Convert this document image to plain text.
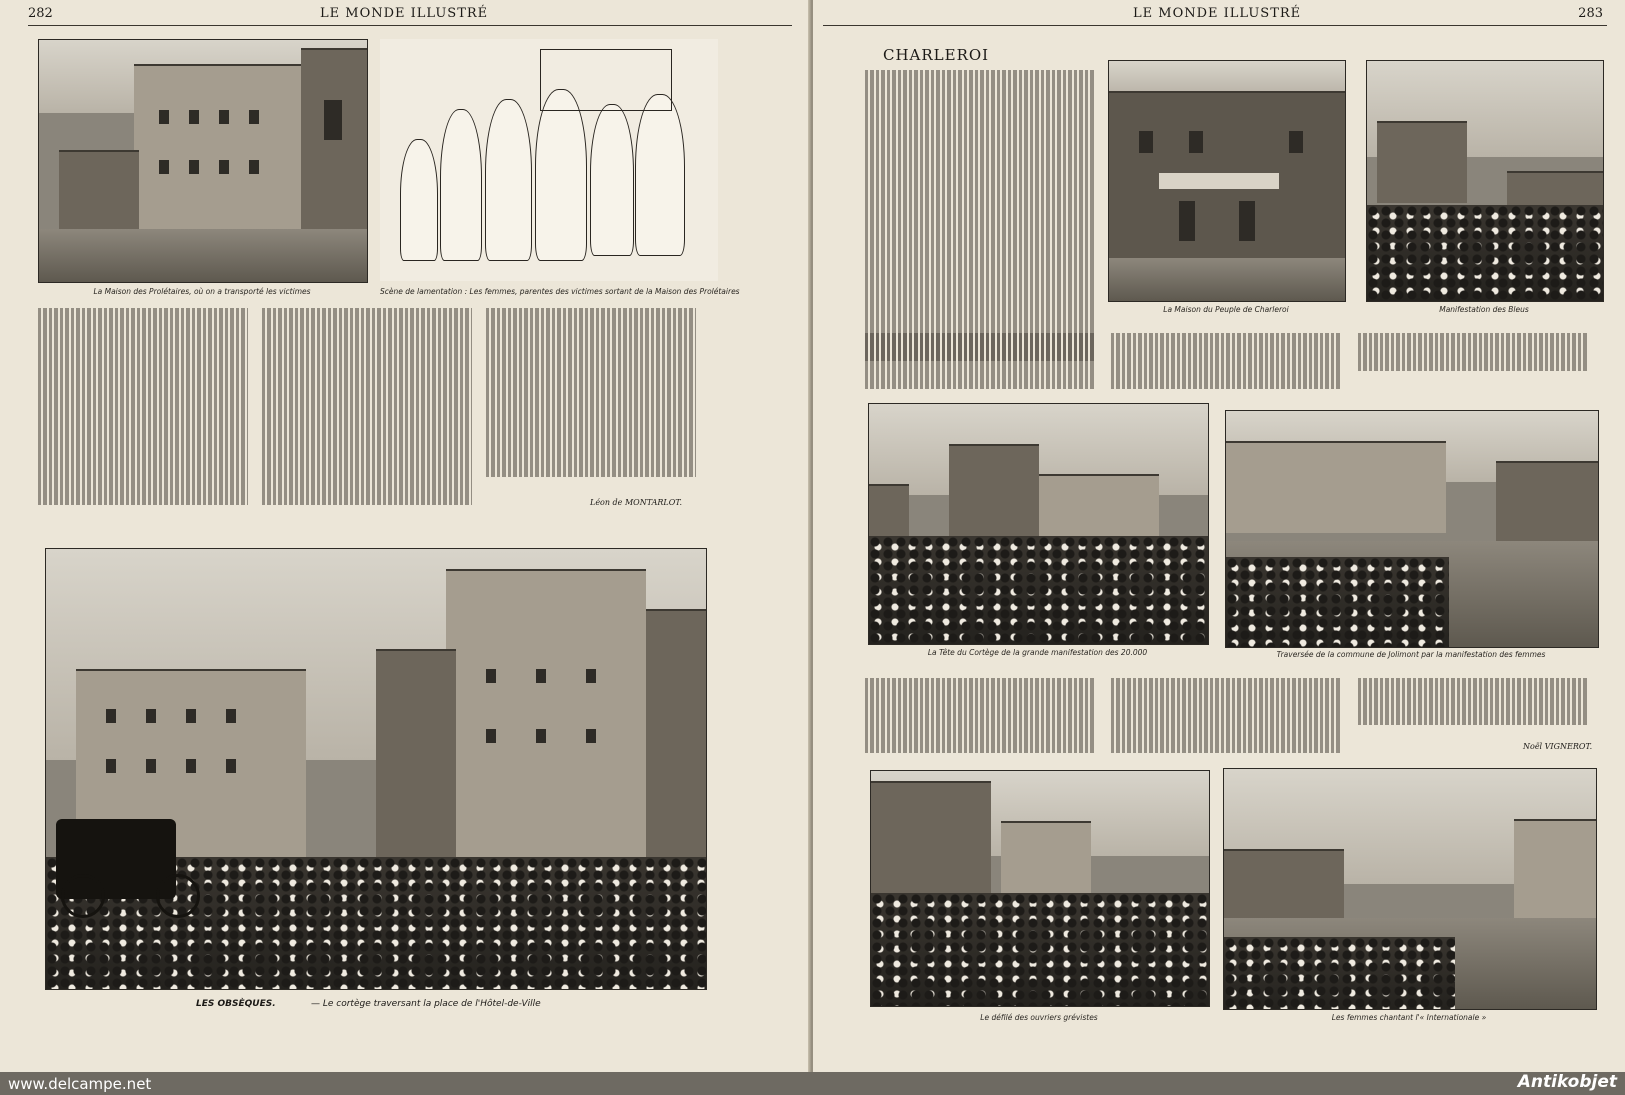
282	LE MONDE ILLUSTRÉ
La Maison des Prolétaires, où on a transporté les victimes	Scène de lamentation : Les femmes, parentes des victimes sortant de la Maison des Prolétaires
Léon de MONTARLOT.
LES OBSÈQUES.	— Le cortège traversant la place de l'Hôtel-de-Ville
LE MONDE ILLUSTRÉ	283
CHARLEROI
La Maison du Peuple de Charleroi	Manifestation des Bleus
La Tête du Cortège de la grande manifestation des 20.000	Traversée de la commune de Jolimont par la manifestation des femmes
Noël VIGNEROT.
Le défilé des ouvriers grévistes	Les femmes chantant l'« Internationale »
www.delcampe.net	Antikobjet
